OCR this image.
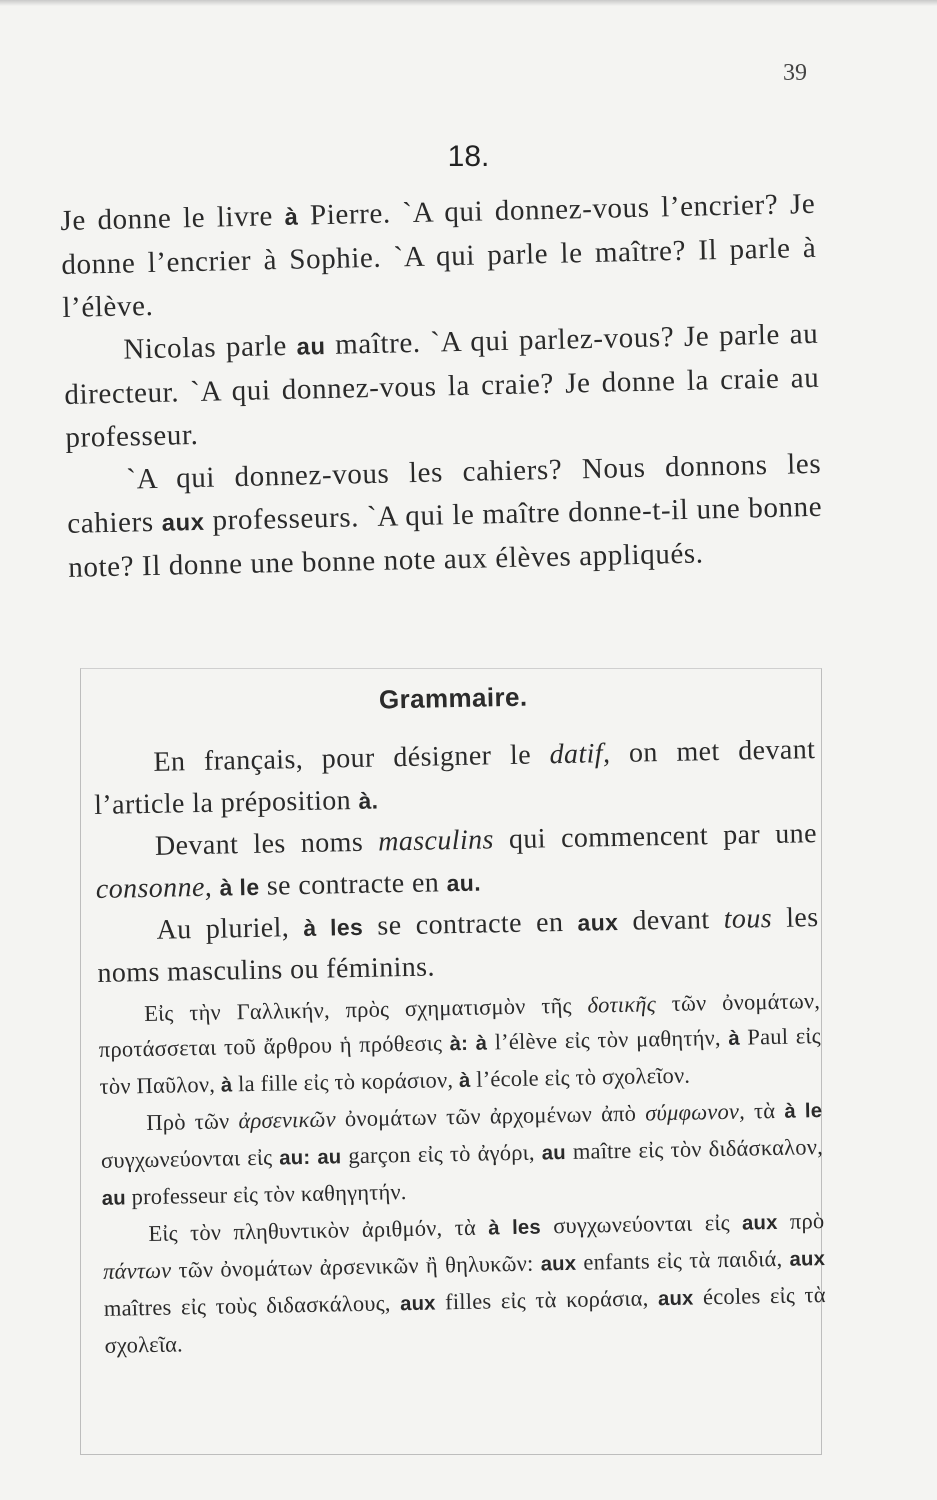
39
18.

Je donne le livre à Pierre. `A qui donnez-vous l’encrier? Je donne l’encrier à Sophie. `A qui parle le maître? Il parle à l’élève.

Nicolas parle au maître. `A qui parlez-vous? Je parle au directeur. `A qui donnez-vous la craie? Je donne la craie au professeur.

`A qui donnez-vous les cahiers? Nous donnons les cahiers aux professeurs. `A qui le maître donne-t-il une bonne note? Il donne une bonne note aux élèves appliqués.

Grammaire.

En français, pour désigner le datif, on met devant l’article la préposition à.

Devant les noms masculins qui commencent par une consonne, à le se contracte en au.

Au pluriel, à les se contracte en aux devant tous les noms masculins ou féminins.

Εἰς τὴν Γαλλικήν, πρὸς σχηματισμὸν τῆς δοτικῆς τῶν ὀνομάτων, προτάσσεται τοῦ ἄρθρου ἡ πρόθεσις à: à l’élève εἰς τὸν μαθητήν, à Paul εἰς τὸν Παῦλον, à la fille εἰς τὸ κοράσιον, à l’école εἰς τὸ σχολεῖον.

Πρὸ τῶν ἀρσενικῶν ὀνομάτων τῶν ἀρχομένων ἀπὸ σύμφωνον, τὰ à le συγχωνεύονται εἰς au: au garçon εἰς τὸ ἀγόρι, au maître εἰς τὸν διδάσκαλον, au professeur εἰς τὸν καθηγητήν.

Εἰς τὸν πληθυντικὸν ἀριθμόν, τὰ à les συγχωνεύονται εἰς aux πρὸ πάντων τῶν ὀνομάτων ἀρσενικῶν ἢ θηλυκῶν: aux enfants εἰς τὰ παιδιά, aux maîtres εἰς τοὺς διδασκάλους, aux filles εἰς τὰ κοράσια, aux écoles εἰς τὰ σχολεῖα.
